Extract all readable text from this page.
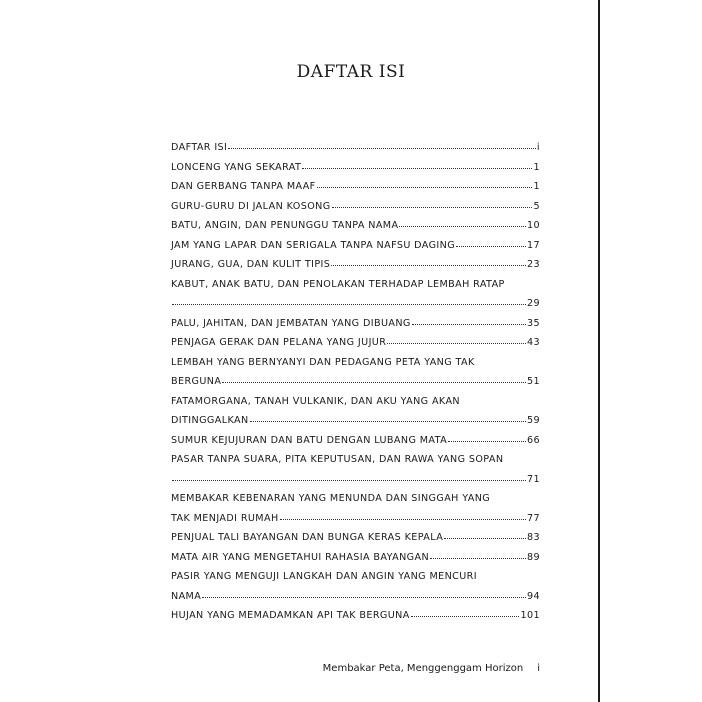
DAFTAR ISI
DAFTAR ISI	i
LONCENG YANG SEKARAT	1
DAN GERBANG TANPA MAAF	1
GURU-GURU DI JALAN KOSONG	5
BATU, ANGIN, DAN PENUNGGU TANPA NAMA	10
JAM YANG LAPAR DAN SERIGALA TANPA NAFSU DAGING	17
JURANG, GUA, DAN KULIT TIPIS	23
KABUT, ANAK BATU, DAN PENOLAKAN TERHADAP LEMBAH RATAP
29
PALU, JAHITAN, DAN JEMBATAN YANG DIBUANG	35
PENJAGA GERAK DAN PELANA YANG JUJUR	43
LEMBAH YANG BERNYANYI DAN PEDAGANG PETA YANG TAK
BERGUNA	51
FATAMORGANA, TANAH VULKANIK, DAN AKU YANG AKAN
DITINGGALKAN	59
SUMUR KEJUJURAN DAN BATU DENGAN LUBANG MATA	66
PASAR TANPA SUARA, PITA KEPUTUSAN, DAN RAWA YANG SOPAN
71
MEMBAKAR KEBENARAN YANG MENUNDA DAN SINGGAH YANG
TAK MENJADI RUMAH	77
PENJUAL TALI BAYANGAN DAN BUNGA KERAS KEPALA	83
MATA AIR YANG MENGETAHUI RAHASIA BAYANGAN	89
PASIR YANG MENGUJI LANGKAH DAN ANGIN YANG MENCURI
NAMA	94
HUJAN YANG MEMADAMKAN API TAK BERGUNA	101
Membakar Peta, Menggenggam Horizon i
